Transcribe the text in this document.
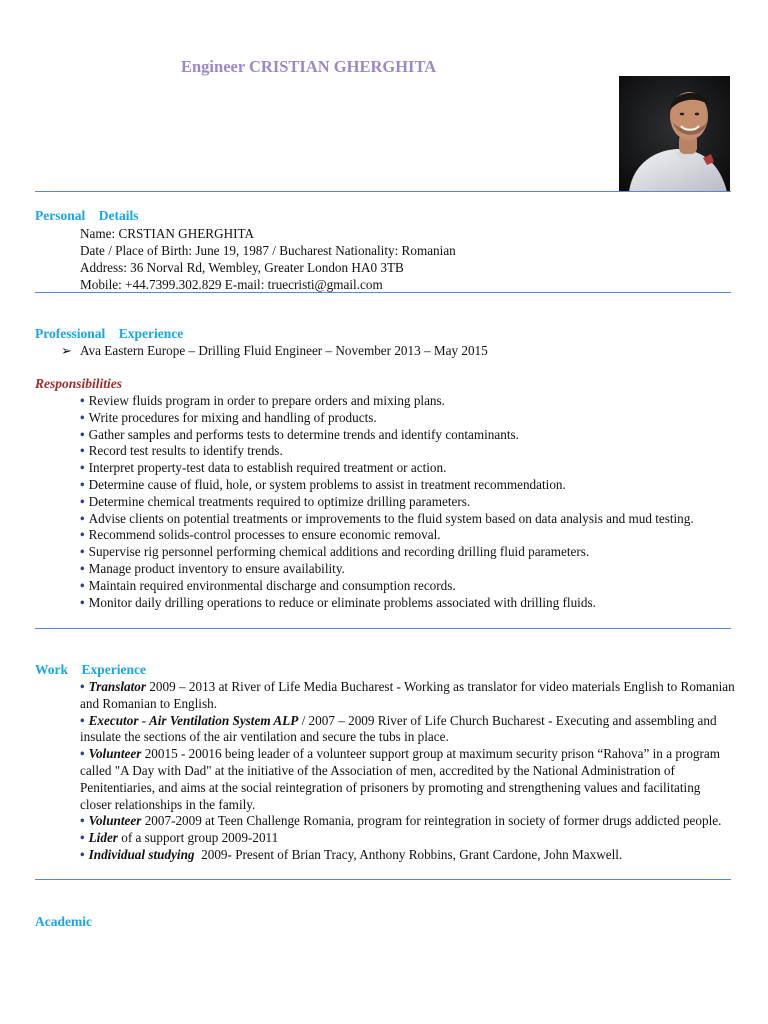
Engineer CRISTIAN GHERGHITA
Personal    Details
Name: CRSTIAN GHERGHITA
Date / Place of Birth: June 19, 1987 / Bucharest Nationality: Romanian
Address: 36 Norval Rd, Wembley, Greater London HA0 3TB
Mobile: +44.7399.302.829 E-mail: truecristi@gmail.com
Professional    Experience
➢ Ava Eastern Europe – Drilling Fluid Engineer – November 2013 – May 2015
Responsibilities
• Review fluids program in order to prepare orders and mixing plans.
• Write procedures for mixing and handling of products.
• Gather samples and performs tests to determine trends and identify contaminants.
• Record test results to identify trends.
• Interpret property-test data to establish required treatment or action.
• Determine cause of fluid, hole, or system problems to assist in treatment recommendation.
• Determine chemical treatments required to optimize drilling parameters.
• Advise clients on potential treatments or improvements to the fluid system based on data analysis and mud testing.
• Recommend solids-control processes to ensure economic removal.
• Supervise rig personnel performing chemical additions and recording drilling fluid parameters.
• Manage product inventory to ensure availability.
• Maintain required environmental discharge and consumption records.
• Monitor daily drilling operations to reduce or eliminate problems associated with drilling fluids.
Work    Experience
• Translator 2009 – 2013 at River of Life Media Bucharest - Working as translator for video materials English to Romanian and Romanian to English.
• Executor - Air Ventilation System ALP / 2007 – 2009 River of Life Church Bucharest - Executing and assembling and insulate the sections of the air ventilation and secure the tubs in place.
• Volunteer 20015 - 20016 being leader of a volunteer support group at maximum security prison “Rahova” in a program called "A Day with Dad" at the initiative of the Association of men, accredited by the National Administration of Penitentiaries, and aims at the social reintegration of prisoners by promoting and strengthening values and facilitating closer relationships in the family.
• Volunteer 2007-2009 at Teen Challenge Romania, program for reintegration in society of former drugs addicted people.
• Lider of a support group 2009-2011
• Individual studying  2009- Present of Brian Tracy, Anthony Robbins, Grant Cardone, John Maxwell.
Academic
